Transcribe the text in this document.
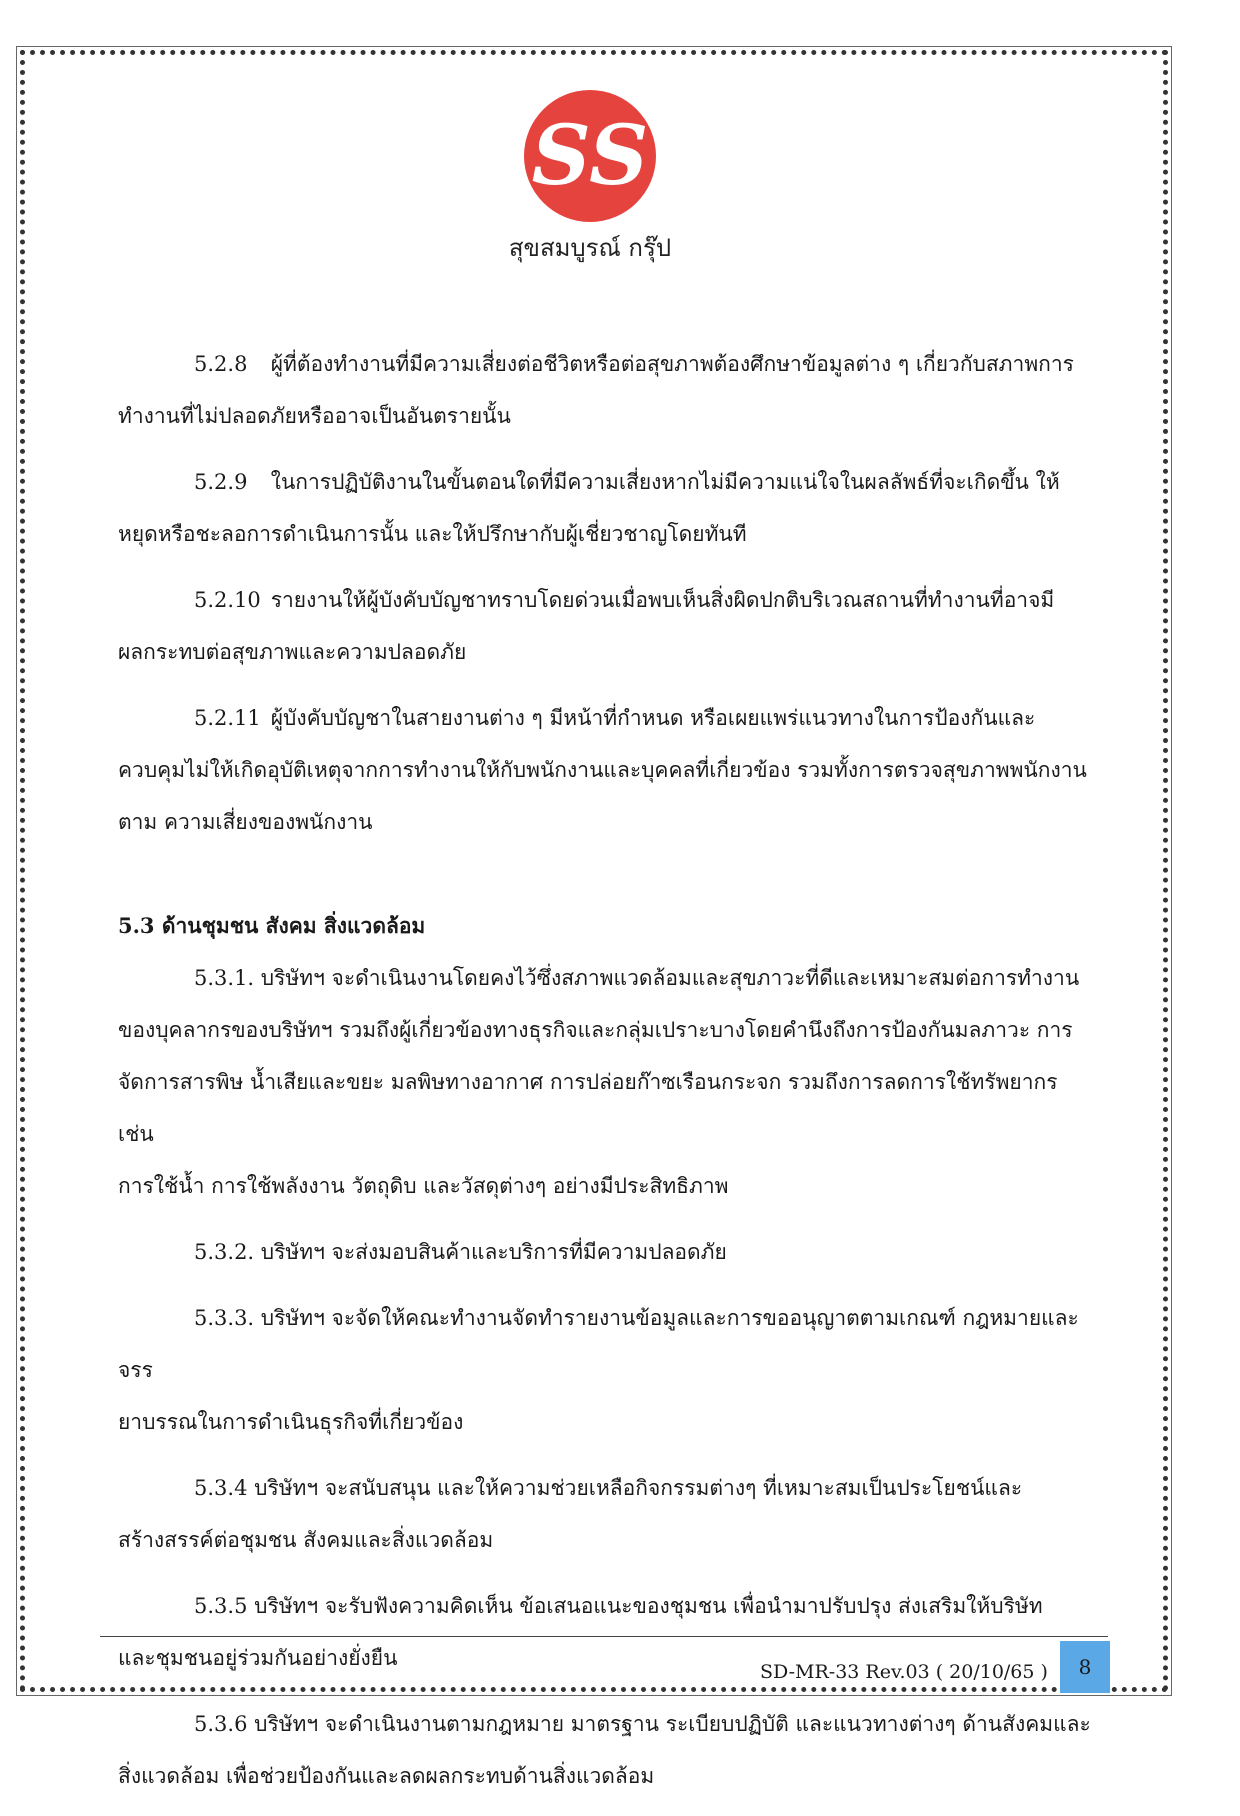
SS
สุขสมบูรณ์ กรุ๊ป

5.2.8 ผู้ที่ต้องทำงานที่มีความเสี่ยงต่อชีวิตหรือต่อสุขภาพต้องศึกษาข้อมูลต่าง ๆ เกี่ยวกับสภาพการ
ทำงานที่ไม่ปลอดภัยหรืออาจเป็นอันตรายนั้น

5.2.9 ในการปฏิบัติงานในขั้นตอนใดที่มีความเสี่ยงหากไม่มีความแน่ใจในผลลัพธ์ที่จะเกิดขึ้น ให้
หยุดหรือชะลอการดำเนินการนั้น และให้ปรึกษากับผู้เชี่ยวชาญโดยทันที

5.2.10 รายงานให้ผู้บังคับบัญชาทราบโดยด่วนเมื่อพบเห็นสิ่งผิดปกติบริเวณสถานที่ทำงานที่อาจมี
ผลกระทบต่อสุขภาพและความปลอดภัย

5.2.11 ผู้บังคับบัญชาในสายงานต่าง ๆ มีหน้าที่กำหนด หรือเผยแพร่แนวทางในการป้องกันและ
ควบคุมไม่ให้เกิดอุบัติเหตุจากการทำงานให้กับพนักงานและบุคคลที่เกี่ยวข้อง รวมทั้งการตรวจสุขภาพพนักงาน
ตาม ความเสี่ยงของพนักงาน

5.3 ด้านชุมชน สังคม สิ่งแวดล้อม

5.3.1. บริษัทฯ จะดำเนินงานโดยคงไว้ซึ่งสภาพแวดล้อมและสุขภาวะที่ดีและเหมาะสมต่อการทำงาน
ของบุคลากรของบริษัทฯ รวมถึงผู้เกี่ยวข้องทางธุรกิจและกลุ่มเปราะบางโดยคำนึงถึงการป้องกันมลภาวะ การ
จัดการสารพิษ น้ำเสียและขยะ มลพิษทางอากาศ การปล่อยก๊าซเรือนกระจก รวมถึงการลดการใช้ทรัพยากร เช่น
การใช้น้ำ การใช้พลังงาน วัตถุดิบ และวัสดุต่างๆ อย่างมีประสิทธิภาพ

5.3.2. บริษัทฯ จะส่งมอบสินค้าและบริการที่มีความปลอดภัย

5.3.3. บริษัทฯ จะจัดให้คณะทำงานจัดทำรายงานข้อมูลและการขออนุญาตตามเกณฑ์ กฎหมายและจรร
ยาบรรณในการดำเนินธุรกิจที่เกี่ยวข้อง

5.3.4 บริษัทฯ จะสนับสนุน และให้ความช่วยเหลือกิจกรรมต่างๆ ที่เหมาะสมเป็นประโยชน์และ
สร้างสรรค์ต่อชุมชน สังคมและสิ่งแวดล้อม

5.3.5 บริษัทฯ จะรับฟังความคิดเห็น ข้อเสนอแนะของชุมชน เพื่อนำมาปรับปรุง ส่งเสริมให้บริษัท
และชุมชนอยู่ร่วมกันอย่างยั่งยืน

5.3.6 บริษัทฯ จะดำเนินงานตามกฎหมาย มาตรฐาน ระเบียบปฏิบัติ และแนวทางต่างๆ ด้านสังคมและ
สิ่งแวดล้อม เพื่อช่วยป้องกันและลดผลกระทบด้านสิ่งแวดล้อม

SD-MR-33 Rev.03 ( 20/10/65 )	8
